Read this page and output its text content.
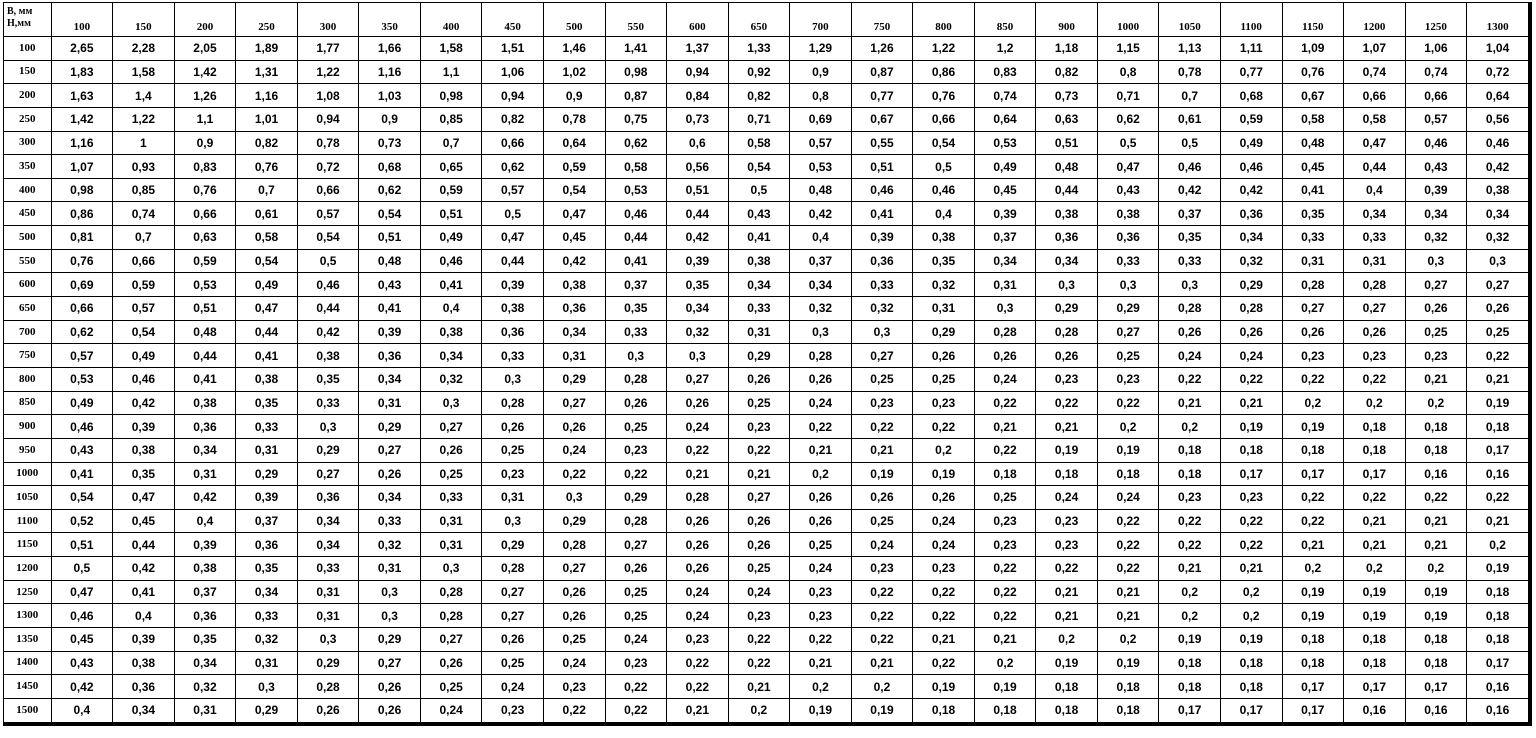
B, мм
Н,мм	100	150	200	250	300	350	400	450	500	550	600	650	700	750	800	850	900	1000	1050	1100	1150	1200	1250	1300
100	2,65	2,28	2,05	1,89	1,77	1,66	1,58	1,51	1,46	1,41	1,37	1,33	1,29	1,26	1,22	1,2	1,18	1,15	1,13	1,11	1,09	1,07	1,06	1,04
150	1,83	1,58	1,42	1,31	1,22	1,16	1,1	1,06	1,02	0,98	0,94	0,92	0,9	0,87	0,86	0,83	0,82	0,8	0,78	0,77	0,76	0,74	0,74	0,72
200	1,63	1,4	1,26	1,16	1,08	1,03	0,98	0,94	0,9	0,87	0,84	0,82	0,8	0,77	0,76	0,74	0,73	0,71	0,7	0,68	0,67	0,66	0,66	0,64
250	1,42	1,22	1,1	1,01	0,94	0,9	0,85	0,82	0,78	0,75	0,73	0,71	0,69	0,67	0,66	0,64	0,63	0,62	0,61	0,59	0,58	0,58	0,57	0,56
300	1,16	1	0,9	0,82	0,78	0,73	0,7	0,66	0,64	0,62	0,6	0,58	0,57	0,55	0,54	0,53	0,51	0,5	0,5	0,49	0,48	0,47	0,46	0,46
350	1,07	0,93	0,83	0,76	0,72	0,68	0,65	0,62	0,59	0,58	0,56	0,54	0,53	0,51	0,5	0,49	0,48	0,47	0,46	0,46	0,45	0,44	0,43	0,42
400	0,98	0,85	0,76	0,7	0,66	0,62	0,59	0,57	0,54	0,53	0,51	0,5	0,48	0,46	0,46	0,45	0,44	0,43	0,42	0,42	0,41	0,4	0,39	0,38
450	0,86	0,74	0,66	0,61	0,57	0,54	0,51	0,5	0,47	0,46	0,44	0,43	0,42	0,41	0,4	0,39	0,38	0,38	0,37	0,36	0,35	0,34	0,34	0,34
500	0,81	0,7	0,63	0,58	0,54	0,51	0,49	0,47	0,45	0,44	0,42	0,41	0,4	0,39	0,38	0,37	0,36	0,36	0,35	0,34	0,33	0,33	0,32	0,32
550	0,76	0,66	0,59	0,54	0,5	0,48	0,46	0,44	0,42	0,41	0,39	0,38	0,37	0,36	0,35	0,34	0,34	0,33	0,33	0,32	0,31	0,31	0,3	0,3
600	0,69	0,59	0,53	0,49	0,46	0,43	0,41	0,39	0,38	0,37	0,35	0,34	0,34	0,33	0,32	0,31	0,3	0,3	0,3	0,29	0,28	0,28	0,27	0,27
650	0,66	0,57	0,51	0,47	0,44	0,41	0,4	0,38	0,36	0,35	0,34	0,33	0,32	0,32	0,31	0,3	0,29	0,29	0,28	0,28	0,27	0,27	0,26	0,26
700	0,62	0,54	0,48	0,44	0,42	0,39	0,38	0,36	0,34	0,33	0,32	0,31	0,3	0,3	0,29	0,28	0,28	0,27	0,26	0,26	0,26	0,26	0,25	0,25
750	0,57	0,49	0,44	0,41	0,38	0,36	0,34	0,33	0,31	0,3	0,3	0,29	0,28	0,27	0,26	0,26	0,26	0,25	0,24	0,24	0,23	0,23	0,23	0,22
800	0,53	0,46	0,41	0,38	0,35	0,34	0,32	0,3	0,29	0,28	0,27	0,26	0,26	0,25	0,25	0,24	0,23	0,23	0,22	0,22	0,22	0,22	0,21	0,21
850	0,49	0,42	0,38	0,35	0,33	0,31	0,3	0,28	0,27	0,26	0,26	0,25	0,24	0,23	0,23	0,22	0,22	0,22	0,21	0,21	0,2	0,2	0,2	0,19
900	0,46	0,39	0,36	0,33	0,3	0,29	0,27	0,26	0,26	0,25	0,24	0,23	0,22	0,22	0,22	0,21	0,21	0,2	0,2	0,19	0,19	0,18	0,18	0,18
950	0,43	0,38	0,34	0,31	0,29	0,27	0,26	0,25	0,24	0,23	0,22	0,22	0,21	0,21	0,2	0,22	0,19	0,19	0,18	0,18	0,18	0,18	0,18	0,17
1000	0,41	0,35	0,31	0,29	0,27	0,26	0,25	0,23	0,22	0,22	0,21	0,21	0,2	0,19	0,19	0,18	0,18	0,18	0,18	0,17	0,17	0,17	0,16	0,16
1050	0,54	0,47	0,42	0,39	0,36	0,34	0,33	0,31	0,3	0,29	0,28	0,27	0,26	0,26	0,26	0,25	0,24	0,24	0,23	0,23	0,22	0,22	0,22	0,22
1100	0,52	0,45	0,4	0,37	0,34	0,33	0,31	0,3	0,29	0,28	0,26	0,26	0,26	0,25	0,24	0,23	0,23	0,22	0,22	0,22	0,22	0,21	0,21	0,21
1150	0,51	0,44	0,39	0,36	0,34	0,32	0,31	0,29	0,28	0,27	0,26	0,26	0,25	0,24	0,24	0,23	0,23	0,22	0,22	0,22	0,21	0,21	0,21	0,2
1200	0,5	0,42	0,38	0,35	0,33	0,31	0,3	0,28	0,27	0,26	0,26	0,25	0,24	0,23	0,23	0,22	0,22	0,22	0,21	0,21	0,2	0,2	0,2	0,19
1250	0,47	0,41	0,37	0,34	0,31	0,3	0,28	0,27	0,26	0,25	0,24	0,24	0,23	0,22	0,22	0,22	0,21	0,21	0,2	0,2	0,19	0,19	0,19	0,18
1300	0,46	0,4	0,36	0,33	0,31	0,3	0,28	0,27	0,26	0,25	0,24	0,23	0,23	0,22	0,22	0,22	0,21	0,21	0,2	0,2	0,19	0,19	0,19	0,18
1350	0,45	0,39	0,35	0,32	0,3	0,29	0,27	0,26	0,25	0,24	0,23	0,22	0,22	0,22	0,21	0,21	0,2	0,2	0,19	0,19	0,18	0,18	0,18	0,18
1400	0,43	0,38	0,34	0,31	0,29	0,27	0,26	0,25	0,24	0,23	0,22	0,22	0,21	0,21	0,22	0,2	0,19	0,19	0,18	0,18	0,18	0,18	0,18	0,17
1450	0,42	0,36	0,32	0,3	0,28	0,26	0,25	0,24	0,23	0,22	0,22	0,21	0,2	0,2	0,19	0,19	0,18	0,18	0,18	0,18	0,17	0,17	0,17	0,16
1500	0,4	0,34	0,31	0,29	0,26	0,26	0,24	0,23	0,22	0,22	0,21	0,2	0,19	0,19	0,18	0,18	0,18	0,18	0,17	0,17	0,17	0,16	0,16	0,16
